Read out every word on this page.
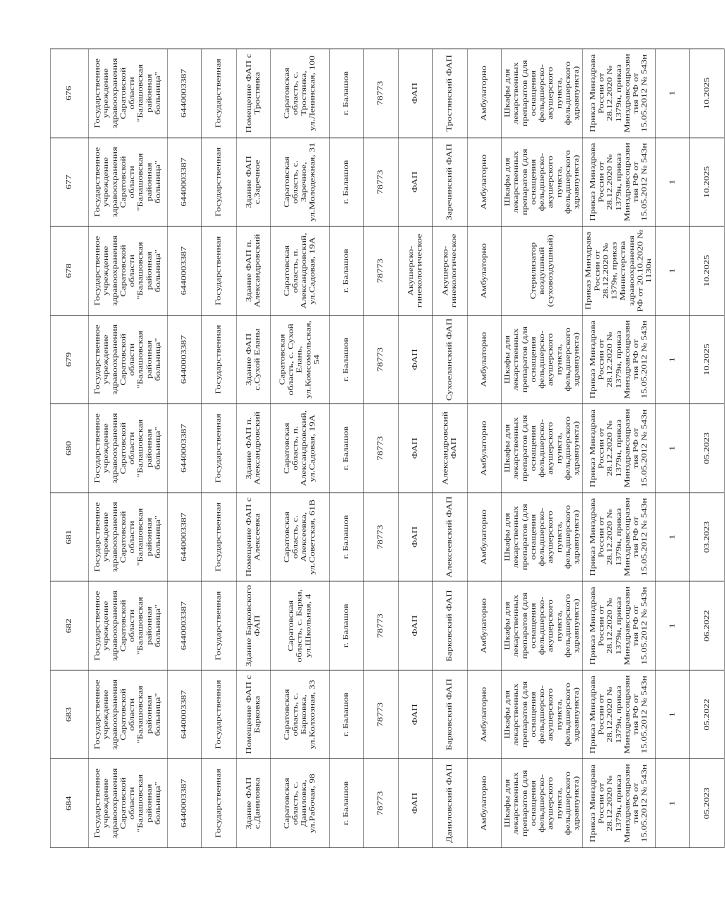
684	683	682	681	680	679	678	677	676
Государственное учреждение здравоохранения Саратовской области "Балашовская районная больница"	Государственное учреждение здравоохранения Саратовской области "Балашовская районная больница"	Государственное учреждение здравоохранения Саратовской области "Балашовская районная больница"	Государственное учреждение здравоохранения Саратовской области "Балашовская районная больница"	Государственное учреждение здравоохранения Саратовской области "Балашовская районная больница"	Государственное учреждение здравоохранения Саратовской области "Балашовская районная больница"	Государственное учреждение здравоохранения Саратовской области "Балашовская районная больница"	Государственное учреждение здравоохранения Саратовской области "Балашовская районная больница"	Государственное учреждение здравоохранения Саратовской области "Балашовская районная больница"
6440003387	6440003387	6440003387	6440003387	6440003387	6440003387	6440003387	6440003387	6440003387
Государственная	Государственная	Государственная	Государственная	Государственная	Государственная	Государственная	Государственная	Государственная
Здание ФАП с.Даниловка	Помещение ФАП с Барковка	Здание Барковского ФАП	Помещение ФАП с Алексеевка	Здание ФАП п. Александровский	Здание ФАП с.Сухой Еланы	Здание ФАП п. Александровский	Здание ФАП с.Заречное	Помещение ФАП с Тростянка
Саратовская область, с. Даниловка, ул.Рабочая, 98	Саратовская область, с. Барковка, ул.Колхозная, 33	Саратовская область, с. Барки, ул.Школьная, 4	Саратовская область, с. Алексеевка, ул.Советская, 61В	Саратовская область, п. Александровский, ул.Садовая, 19А	Саратовская область, с. Сухой Елань, ул.Комсомольская, 54	Саратовская область, п. Александровский, ул.Садовая, 19А	Саратовская область, с. Заречное, ул.Молодежная, 31	Саратовская область, с. Тростянка, ул.Ленинская, 100
г. Балашов	г. Балашов	г. Балашов	г. Балашов	г. Балашов	г. Балашов	г. Балашов	г. Балашов	г. Балашов
78773	78773	78773	78773	78773	78773	78773	78773	78773
ФАП	ФАП	ФАП	ФАП	ФАП	ФАП	Акушерско-гинекологическое	ФАП	ФАП
Даниловский ФАП	Барковский ФАП	Барковский ФАП	Алексеевский ФАП	Александровский ФАП	Сухоеланский ФАП	Акушерско-гинекологическое	Заречинский ФАП	Тростянский ФАП
Амбулаторно	Амбулаторно	Амбулаторно	Амбулаторно	Амбулаторно	Амбулаторно	Амбулаторно	Амбулаторно	Амбулаторно
Шкафы для лекарственных препаратов (для оснащения фельдшерско-акушерского пункта, фельдшерского здравпункта)	Шкафы для лекарственных препаратов (для оснащения фельдшерско-акушерского пункта, фельдшерского здравпункта)	Шкафы для лекарственных препаратов (для оснащения фельдшерско-акушерского пункта, фельдшерского здравпункта)	Шкафы для лекарственных препаратов (для оснащения фельдшерско-акушерского пункта, фельдшерского здравпункта)	Шкафы для лекарственных препаратов (для оснащения фельдшерско-акушерского пункта, фельдшерского здравпункта)	Шкафы для лекарственных препаратов (для оснащения фельдшерско-акушерского пункта, фельдшерского здравпункта)	Стерилизатор воздушный (суховоздушный)	Шкафы для лекарственных препаратов (для оснащения фельдшерско-акушерского пункта, фельдшерского здравпункта)	Шкафы для лекарственных препаратов (для оснащения фельдшерско-акушерского пункта, фельдшерского здравпункта)
Приказ Минздрава России от 28.12.2020 № 1379н, приказ Минздравсоцразвития РФ от 15.05.2012 № 543н	Приказ Минздрава России от 28.12.2020 № 1379н, приказ Минздравсоцразвития РФ от 15.05.2012 № 543н	Приказ Минздрава России от 28.12.2020 № 1379н, приказ Минздравсоцразвития РФ от 15.05.2012 № 543н	Приказ Минздрава России от 28.12.2020 № 1379н, приказ Минздравсоцразвития РФ от 15.05.2012 № 543н	Приказ Минздрава России от 28.12.2020 № 1379н, приказ Минздравсоцразвития РФ от 15.05.2012 № 543н	Приказ Минздрава России от 28.12.2020 № 1379н, приказ Минздравсоцразвития РФ от 15.05.2012 № 543н	Приказ Минздрава России от 28.12.2020 № 1379н, приказ Министерства здравоохранения РФ от 20.10.2020 № 1130н	Приказ Минздрава России от 28.12.2020 № 1379н, приказ Минздравсоцразвития РФ от 15.05.2012 № 543н	Приказ Минздрава России от 28.12.2020 № 1379н, приказ Минздравсоцразвития РФ от 15.05.2012 № 543н
1	1	1	1	1	1	1	1	1
05.2023	05.2022	06.2022	03.2023	05.2023	10.2025	10.2025	10.2025	10.2025
